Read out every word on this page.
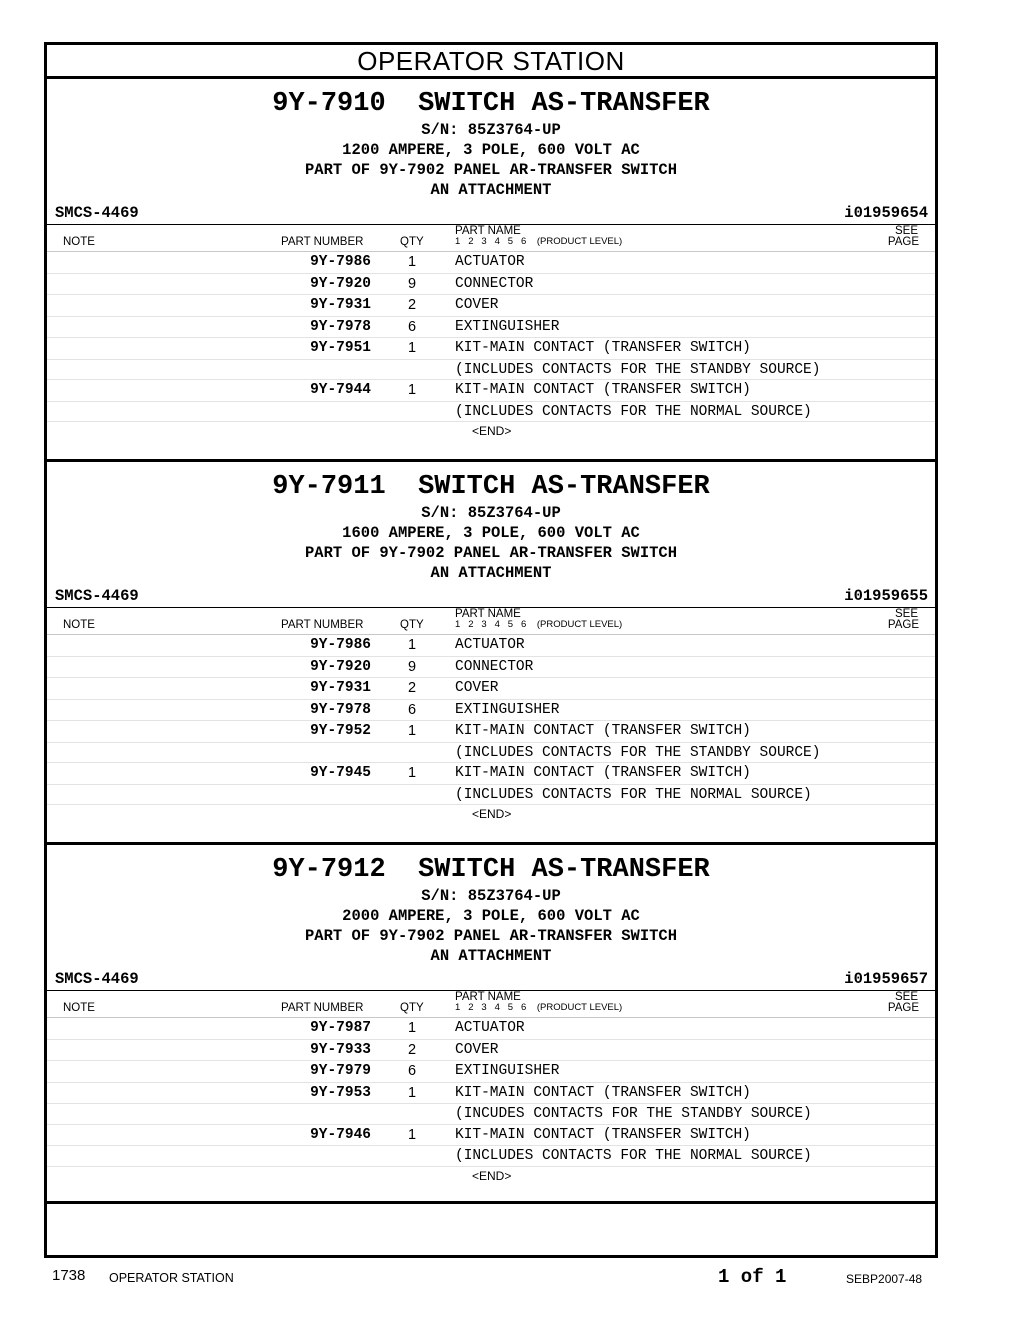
OPERATOR STATION
9Y-7910  SWITCH AS-TRANSFER
S/N: 85Z3764-UP
1200 AMPERE, 3 POLE, 600 VOLT AC
PART OF 9Y-7902 PANEL AR-TRANSFER SWITCH
AN ATTACHMENT
SMCS-4469	i01959654
NOTE	PART NUMBER	QTY
PART NAME
1   2   3   4   5   6    (PRODUCT LEVEL)
SEE
PAGE
9Y-7986	1	ACTUATOR
9Y-7920	9	CONNECTOR
9Y-7931	2	COVER
9Y-7978	6	EXTINGUISHER
9Y-7951	1	KIT-MAIN CONTACT (TRANSFER SWITCH)
(INCLUDES CONTACTS FOR THE STANDBY SOURCE)
9Y-7944	1	KIT-MAIN CONTACT (TRANSFER SWITCH)
(INCLUDES CONTACTS FOR THE NORMAL SOURCE)
<END>
9Y-7911  SWITCH AS-TRANSFER
S/N: 85Z3764-UP
1600 AMPERE, 3 POLE, 600 VOLT AC
PART OF 9Y-7902 PANEL AR-TRANSFER SWITCH
AN ATTACHMENT
SMCS-4469	i01959655
NOTE	PART NUMBER	QTY
PART NAME
1   2   3   4   5   6    (PRODUCT LEVEL)
SEE
PAGE
9Y-7986	1	ACTUATOR
9Y-7920	9	CONNECTOR
9Y-7931	2	COVER
9Y-7978	6	EXTINGUISHER
9Y-7952	1	KIT-MAIN CONTACT (TRANSFER SWITCH)
(INCLUDES CONTACTS FOR THE STANDBY SOURCE)
9Y-7945	1	KIT-MAIN CONTACT (TRANSFER SWITCH)
(INCLUDES CONTACTS FOR THE NORMAL SOURCE)
<END>
9Y-7912  SWITCH AS-TRANSFER
S/N: 85Z3764-UP
2000 AMPERE, 3 POLE, 600 VOLT AC
PART OF 9Y-7902 PANEL AR-TRANSFER SWITCH
AN ATTACHMENT
SMCS-4469	i01959657
NOTE	PART NUMBER	QTY
PART NAME
1   2   3   4   5   6    (PRODUCT LEVEL)
SEE
PAGE
9Y-7987	1	ACTUATOR
9Y-7933	2	COVER
9Y-7979	6	EXTINGUISHER
9Y-7953	1	KIT-MAIN CONTACT (TRANSFER SWITCH)
(INCUDES CONTACTS FOR THE STANDBY SOURCE)
9Y-7946	1	KIT-MAIN CONTACT (TRANSFER SWITCH)
(INCLUDES CONTACTS FOR THE NORMAL SOURCE)
<END>
1738 OPERATOR STATION	1 of 1	SEBP2007-48
